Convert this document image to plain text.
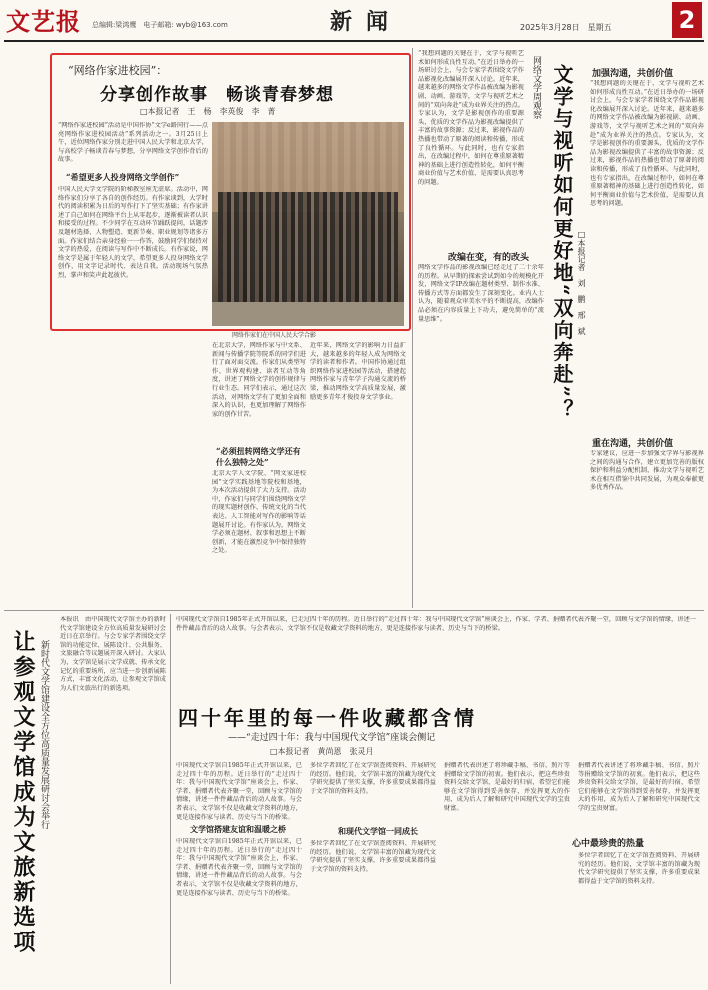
文艺报 总编辑:梁鸿鹰　电子邮箱: wyb@163.com	新闻	2025年3月28日　星期五	2
“网络作家进校园”：
分享创作故事　畅谈青春梦想
□本报记者　王　杨　李英俊　李　菁
“网络作家进校园”活动是中国作协“文学e路同行——点亮网络作家进校园活动”系列活动之一。3月25日上午，近位网络作家分别走进中国人民大学和北京大学，与高校学子畅谈青春与梦想，分享网络文学创作背后的故事。
“希望更多人投身网络文学创作”
中国人民大学文学院的阶梯教室座无虚席。活动中，网络作家们分享了各自的创作经历。有作家谈到，大学时代的阅读积累为日后的写作打下了坚实基础；有作家讲述了自己如何在网络平台上从零起步，逐渐被读者认识和接受的过程。不少同学在互动环节踊跃提问，话题涉及题材选择、人物塑造、更新节奏、职业规划等诸多方面。作家们结合亲身经验一一作答，鼓励同学们保持对文学的热爱，在阅读与写作中不断成长。有作家说，网络文学是属于年轻人的文学，希望更多人投身网络文学创作，用文字记录时代、表达自我。活动现场气氛热烈，掌声和笑声此起彼伏。
网络作家们在中国人民大学合影
在北京大学，网络作家与中文系、新闻与传播学院等院系的同学们进行了面对面交流。作家们从类型写作、世界观构建、读者互动等角度，讲述了网络文学的创作规律与行业生态。同学们表示，通过这次活动，对网络文学有了更加全面和深入的认识，也更加理解了网络作家的创作甘苦。
“必须扭转网络文学还有什么独特之处”
北京大学人文学院、“网文家进校园”文学实践基地等院校和基地，为本次活动提供了大力支持。活动中，作家们与同学们围绕网络文学的现实题材创作、传统文化的当代表达、人工智能对写作的影响等话题展开讨论。有作家认为，网络文学必须在题材、叙事和思想上不断创新，才能在激烈竞争中保持独特之处。
近年来，网络文学的影响力日益扩大，越来越多的年轻人成为网络文学的读者和作者。中国作协通过组织网络作家进校园等活动，搭建起网络作家与青年学子沟通交流的桥梁，推动网络文学高质量发展，激励更多青年才俊投身文学事业。
“我想问题的关键在于，文学与视听艺术如何形成良性互动。”在近日举办的一场研讨会上，与会专家学者围绕文学作品影视化改编展开深入讨论。近年来，越来越多的网络文学作品被改编为影视剧、动画、游戏等，文学与视听艺术之间的“双向奔赴”成为业界关注的热点。专家认为，文学是影视创作的重要源头，优质的文学作品为影视改编提供了丰富的故事资源；反过来，影视作品的热播也带动了原著的阅读和传播，形成了良性循环。与此同时，也有专家指出，在改编过程中，如何在尊重原著精神的基础上进行创造性转化，如何平衡商业价值与艺术价值，是需要认真思考的问题。
网络文学周观察 文学与视听如何更好地“双向奔赴”？ □本报记者　刘　鹏　邢　斌
改编在变，有的改头
网络文学作品的影视改编已经走过了二十余年的历程。从早期的探索尝试到如今的规模化开发，网络文学IP改编在题材类型、制作水准、传播方式等方面都发生了深刻变化。业内人士认为，随着观众审美水平的不断提高，改编作品必须在内容质量上下功夫，避免简单的“流量思维”。
加强沟通，共创价值
“我想问题的关键在于，文学与视听艺术如何形成良性互动。”在近日举办的一场研讨会上，与会专家学者围绕文学作品影视化改编展开深入讨论。近年来，越来越多的网络文学作品被改编为影视剧、动画、游戏等，文学与视听艺术之间的“双向奔赴”成为业界关注的热点。专家认为，文学是影视创作的重要源头，优质的文学作品为影视改编提供了丰富的故事资源；反过来，影视作品的热播也带动了原著的阅读和传播，形成了良性循环。与此同时，也有专家指出，在改编过程中，如何在尊重原著精神的基础上进行创造性转化，如何平衡商业价值与艺术价值，是需要认真思考的问题。
重在沟通，共创价值
专家建议，应进一步加强文学界与影视界之间的沟通与合作，建立更加完善的版权保护和利益分配机制，推动文学与视听艺术在相互借鉴中共同发展，为观众奉献更多优秀作品。
让参观文学馆成为文旅新选项 新时代文学馆建设全方位高质量发展研讨会举行
本报讯　由中国现代文学馆主办的新时代文学馆建设全方位高质量发展研讨会近日在京举行。与会专家学者围绕文学馆的功能定位、展陈设计、公共服务、文旅融合等议题展开深入研讨。大家认为，文学馆是展示文学成就、传承文化记忆的重要场所，应当进一步创新展陈方式，丰富文化活动，让参观文学馆成为人们文旅出行的新选项。
中国现代文学馆自1985年正式开馆以来，已走过四十年的历程。近日举行的“走过四十年：我与中国现代文学馆”座谈会上，作家、学者、捐赠者代表齐聚一堂，回顾与文学馆的情缘，讲述一件件藏品背后的动人故事。与会者表示，文学馆不仅是收藏文学资料的地方，更是连接作家与读者、历史与当下的桥梁。
四十年里的每一件收藏都含情
——“走过四十年：我与中国现代文学馆”座谈会侧记
□本报记者　黄尚恩　张灵月
中国现代文学馆自1985年正式开馆以来，已走过四十年的历程。近日举行的“走过四十年：我与中国现代文学馆”座谈会上，作家、学者、捐赠者代表齐聚一堂，回顾与文学馆的情缘，讲述一件件藏品背后的动人故事。与会者表示，文学馆不仅是收藏文学资料的地方，更是连接作家与读者、历史与当下的桥梁。
文学馆搭建友谊和温暖之桥
中国现代文学馆自1985年正式开馆以来，已走过四十年的历程。近日举行的“走过四十年：我与中国现代文学馆”座谈会上，作家、学者、捐赠者代表齐聚一堂，回顾与文学馆的情缘，讲述一件件藏品背后的动人故事。与会者表示，文学馆不仅是收藏文学资料的地方，更是连接作家与读者、历史与当下的桥梁。
多位学者回忆了在文学馆查阅资料、开展研究的经历。他们说，文学馆丰富的馆藏为现代文学研究提供了坚实支撑，许多重要成果都得益于文学馆的资料支持。
和现代文学馆一同成长
多位学者回忆了在文学馆查阅资料、开展研究的经历。他们说，文学馆丰富的馆藏为现代文学研究提供了坚实支撑，许多重要成果都得益于文学馆的资料支持。
捐赠者代表讲述了将珍藏手稿、书信、照片等捐赠给文学馆的初衷。他们表示，把这些珍贵资料交给文学馆，是最好的归宿，希望它们能够在文学馆得到妥善保存，并发挥更大的作用，成为后人了解和研究中国现代文学的宝贵财富。
捐赠者代表讲述了将珍藏手稿、书信、照片等捐赠给文学馆的初衷。他们表示，把这些珍贵资料交给文学馆，是最好的归宿，希望它们能够在文学馆得到妥善保存，并发挥更大的作用，成为后人了解和研究中国现代文学的宝贵财富。
心中最珍贵的热量
多位学者回忆了在文学馆查阅资料、开展研究的经历。他们说，文学馆丰富的馆藏为现代文学研究提供了坚实支撑，许多重要成果都得益于文学馆的资料支持。
